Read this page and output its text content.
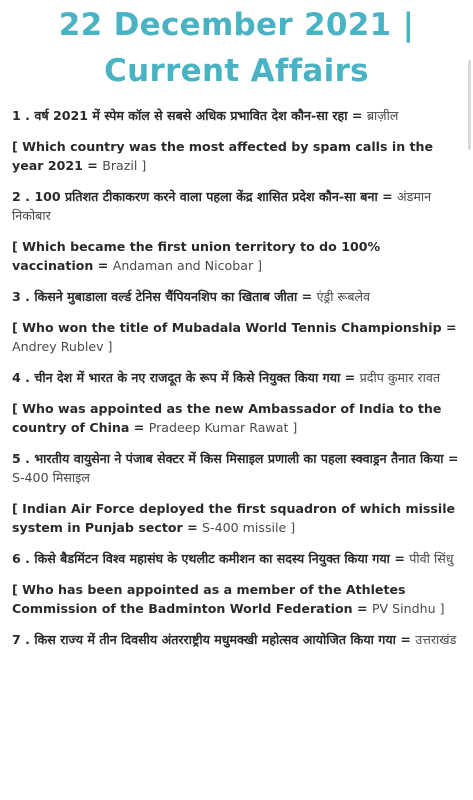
22 December 2021 |
Current Affairs
1 . वर्ष 2021 में स्पेम कॉल से सबसे अधिक प्रभावित देश कौन-सा रहा = ब्राज़ील
[ Which country was the most affected by spam calls in the year 2021 = Brazil ]
2 . 100 प्रतिशत टीकाकरण करने वाला पहला केंद्र शासित प्रदेश कौन-सा बना = अंडमान निकोबार
[ Which became the first union territory to do 100% vaccination = Andaman and Nicobar ]
3 . किसने मुबाडाला वर्ल्ड टेनिस चैंपियनशिप का खिताब जीता = एंड्री रूबलेव
[ Who won the title of Mubadala World Tennis Championship = Andrey Rublev ]
4 . चीन देश में भारत के नए राजदूत के रूप में किसे नियुक्त किया गया = प्रदीप कुमार रावत
[ Who was appointed as the new Ambassador of India to the country of China = Pradeep Kumar Rawat ]
5 . भारतीय वायुसेना ने पंजाब सेक्टर में किस मिसाइल प्रणाली का पहला स्क्वाड्रन तैनात किया = S-400 मिसाइल
[ Indian Air Force deployed the first squadron of which missile system in Punjab sector = S-400 missile ]
6 . किसे बैडमिंटन विश्व महासंघ के एथलीट कमीशन का सदस्य नियुक्त किया गया = पीवी सिंधु
[ Who has been appointed as a member of the Athletes Commission of the Badminton World Federation = PV Sindhu ]
7 . किस राज्य में तीन दिवसीय अंतरराष्ट्रीय मधुमक्खी महोत्सव आयोजित किया गया = उत्तराखंड
